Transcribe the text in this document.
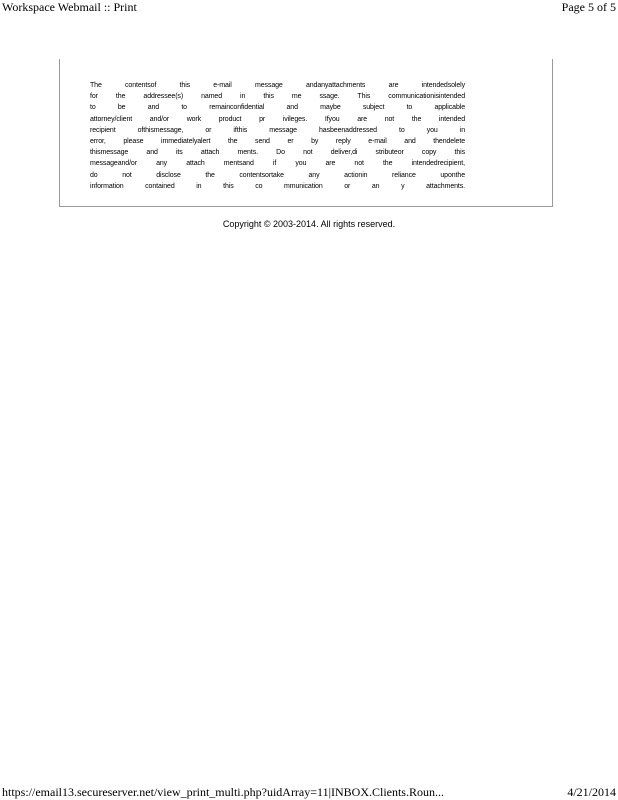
Workspace Webmail :: Print	Page 5 of 5
The contentsof this e-mail message andanyattachments are intendedsolely
for the addressee(s) named in this me ssage. This communicationisintended
to be and to remainconfidential and maybe subject to applicable
attorney/client and/or work product pr ivileges. Ifyou are not the intended
recipient ofthismessage, or ifthis message hasbeenaddressed to you in
error, please immediatelyalert the send er by reply e-mail and thendelete
thismessage and its attach ments. Do not deliver,di stributeor copy this
messageand/or any attach mentsand if you are not the intendedrecipient,
do not disclose the contentsortake any actionin reliance uponthe
information contained in this co mmunication or an y attachments.
Copyright © 2003-2014. All rights reserved.
https://email13.secureserver.net/view_print_multi.php?uidArray=11|INBOX.Clients.Roun...	4/21/2014
